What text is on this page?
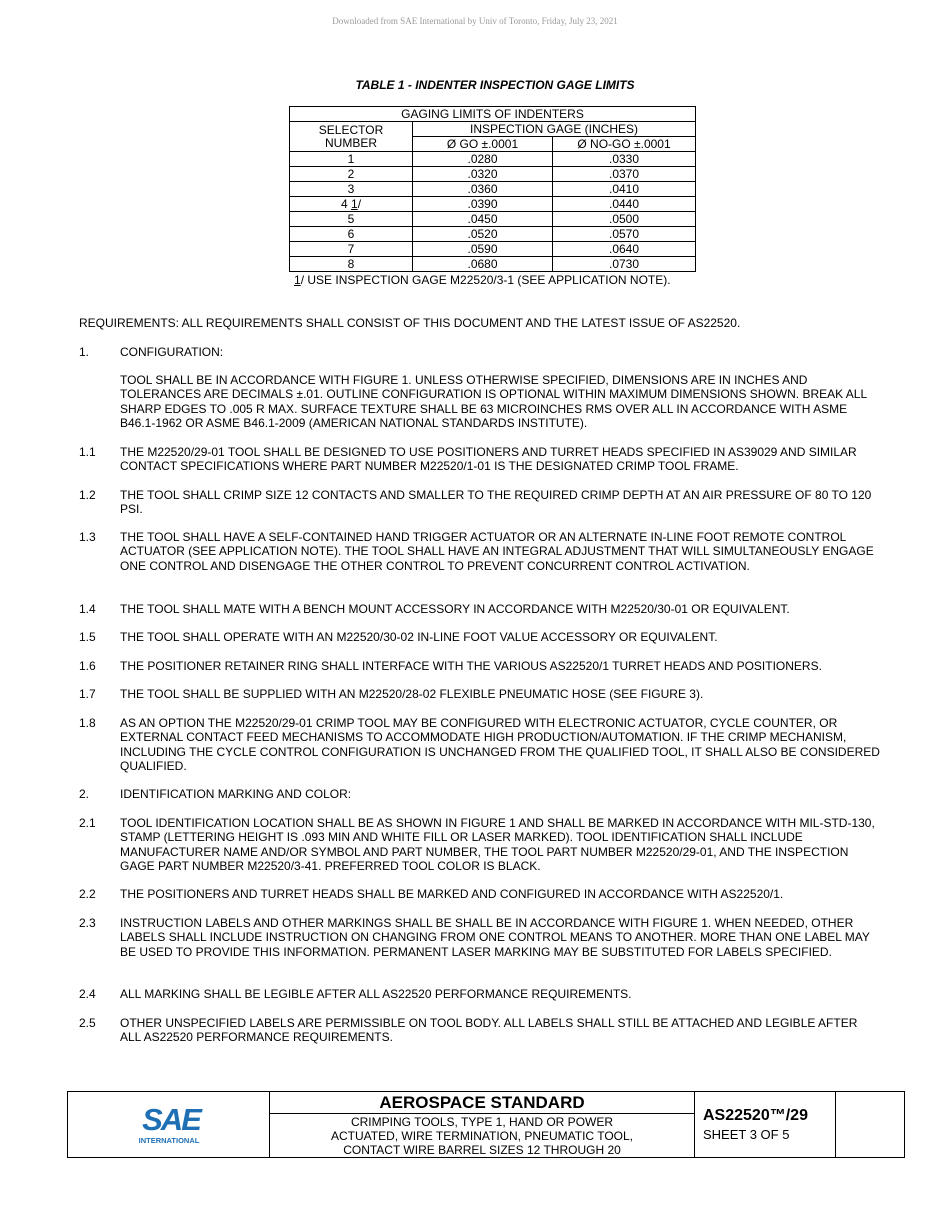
Downloaded from SAE International by Univ of Toronto, Friday, July 23, 2021
TABLE 1 - INDENTER INSPECTION GAGE LIMITS
GAGING LIMITS OF INDENTERS		

SELECTOR
NUMBER	INSPECTION GAGE (INCHES)	
	Ø GO ±.0001	Ø NO-GO ±.0001
1	.0280	.0330
2	.0320	.0370
3	.0360	.0410
4 1/	.0390	.0440
5	.0450	.0500
6	.0520	.0570
7	.0590	.0640
8	.0680	.0730
1/ USE INSPECTION GAGE M22520/3-1 (SEE APPLICATION NOTE).
REQUIREMENTS: ALL REQUIREMENTS SHALL CONSIST OF THIS DOCUMENT AND THE LATEST ISSUE OF AS22520.
1.	CONFIGURATION:
TOOL SHALL BE IN ACCORDANCE WITH FIGURE 1. UNLESS OTHERWISE SPECIFIED, DIMENSIONS ARE IN INCHES AND TOLERANCES ARE DECIMALS ±.01. OUTLINE CONFIGURATION IS OPTIONAL WITHIN MAXIMUM DIMENSIONS SHOWN. BREAK ALL SHARP EDGES TO .005 R MAX. SURFACE TEXTURE SHALL BE 63 MICROINCHES RMS OVER ALL IN ACCORDANCE WITH ASME B46.1-1962 OR ASME B46.1-2009 (AMERICAN NATIONAL STANDARDS INSTITUTE).
1.1 THE M22520/29-01 TOOL SHALL BE DESIGNED TO USE POSITIONERS AND TURRET HEADS SPECIFIED IN AS39029 AND SIMILAR CONTACT SPECIFICATIONS WHERE PART NUMBER M22520/1-01 IS THE DESIGNATED CRIMP TOOL FRAME.
1.2 THE TOOL SHALL CRIMP SIZE 12 CONTACTS AND SMALLER TO THE REQUIRED CRIMP DEPTH AT AN AIR PRESSURE OF 80 TO 120 PSI.
1.3 THE TOOL SHALL HAVE A SELF-CONTAINED HAND TRIGGER ACTUATOR OR AN ALTERNATE IN-LINE FOOT REMOTE CONTROL ACTUATOR (SEE APPLICATION NOTE). THE TOOL SHALL HAVE AN INTEGRAL ADJUSTMENT THAT WILL SIMULTANEOUSLY ENGAGE ONE CONTROL AND DISENGAGE THE OTHER CONTROL TO PREVENT CONCURRENT CONTROL ACTIVATION.
1.4 THE TOOL SHALL MATE WITH A BENCH MOUNT ACCESSORY IN ACCORDANCE WITH M22520/30-01 OR EQUIVALENT.
1.5 THE TOOL SHALL OPERATE WITH AN M22520/30-02 IN-LINE FOOT VALUE ACCESSORY OR EQUIVALENT.
1.6 THE POSITIONER RETAINER RING SHALL INTERFACE WITH THE VARIOUS AS22520/1 TURRET HEADS AND POSITIONERS.
1.7 THE TOOL SHALL BE SUPPLIED WITH AN M22520/28-02 FLEXIBLE PNEUMATIC HOSE (SEE FIGURE 3).
1.8 AS AN OPTION THE M22520/29-01 CRIMP TOOL MAY BE CONFIGURED WITH ELECTRONIC ACTUATOR, CYCLE COUNTER, OR EXTERNAL CONTACT FEED MECHANISMS TO ACCOMMODATE HIGH PRODUCTION/AUTOMATION. IF THE CRIMP MECHANISM, INCLUDING THE CYCLE CONTROL CONFIGURATION IS UNCHANGED FROM THE QUALIFIED TOOL, IT SHALL ALSO BE CONSIDERED QUALIFIED.
2.	IDENTIFICATION MARKING AND COLOR:
2.1 TOOL IDENTIFICATION LOCATION SHALL BE AS SHOWN IN FIGURE 1 AND SHALL BE MARKED IN ACCORDANCE WITH MIL-STD-130, STAMP (LETTERING HEIGHT IS .093 MIN AND WHITE FILL OR LASER MARKED). TOOL IDENTIFICATION SHALL INCLUDE MANUFACTURER NAME AND/OR SYMBOL AND PART NUMBER, THE TOOL PART NUMBER M22520/29-01, AND THE INSPECTION GAGE PART NUMBER M22520/3-41. PREFERRED TOOL COLOR IS BLACK.
2.2 THE POSITIONERS AND TURRET HEADS SHALL BE MARKED AND CONFIGURED IN ACCORDANCE WITH AS22520/1.
2.3 INSTRUCTION LABELS AND OTHER MARKINGS SHALL BE SHALL BE IN ACCORDANCE WITH FIGURE 1. WHEN NEEDED, OTHER LABELS SHALL INCLUDE INSTRUCTION ON CHANGING FROM ONE CONTROL MEANS TO ANOTHER. MORE THAN ONE LABEL MAY BE USED TO PROVIDE THIS INFORMATION. PERMANENT LASER MARKING MAY BE SUBSTITUTED FOR LABELS SPECIFIED.
2.4 ALL MARKING SHALL BE LEGIBLE AFTER ALL AS22520 PERFORMANCE REQUIREMENTS.
2.5 OTHER UNSPECIFIED LABELS ARE PERMISSIBLE ON TOOL BODY. ALL LABELS SHALL STILL BE ATTACHED AND LEGIBLE AFTER ALL AS22520 PERFORMANCE REQUIREMENTS.
SAE
INTERNATIONAL
AEROSPACE STANDARD
CRIMPING TOOLS, TYPE 1, HAND OR POWER
ACTUATED, WIRE TERMINATION, PNEUMATIC TOOL,
CONTACT WIRE BARREL SIZES 12 THROUGH 20
AS22520™/29
SHEET 3 OF 5
